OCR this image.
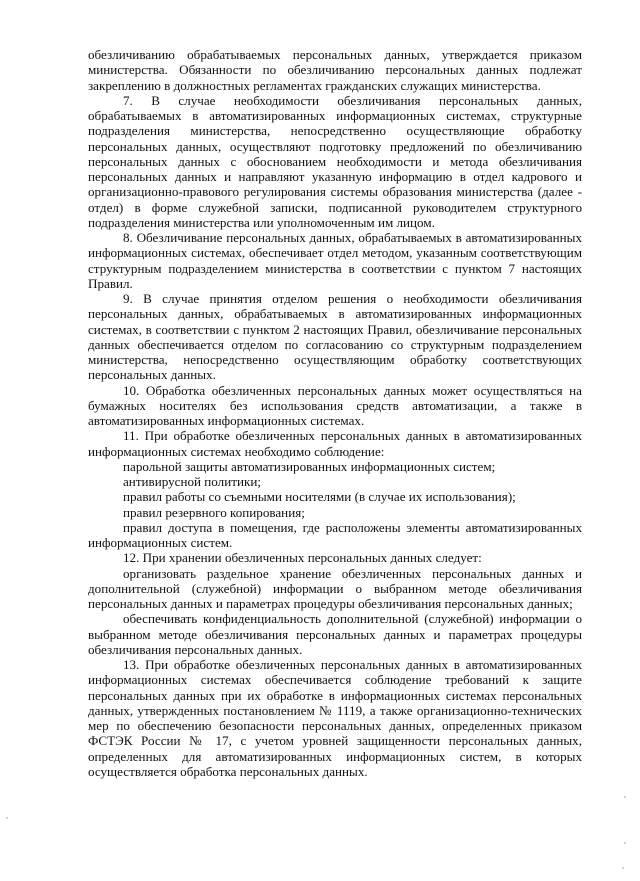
обезличиванию обрабатываемых персональных данных, утверждается приказом министерства. Обязанности по обезличиванию персональных данных подлежат закреплению в должностных регламентах гражданских служащих министерства.

7. В случае необходимости обезличивания персональных данных, обрабатываемых в автоматизированных информационных системах, структурные подразделения министерства, непосредственно осуществляющие обработку персональных данных, осуществляют подготовку предложений по обезличиванию персональных данных с обоснованием необходимости и метода обезличивания персональных данных и направляют указанную информацию в отдел кадрового и организационно-правового регулирования системы образования министерства (далее - отдел) в форме служебной записки, подписанной руководителем структурного подразделения министерства или уполномоченным им лицом.

8. Обезличивание персональных данных, обрабатываемых в автоматизированных информационных системах, обеспечивает отдел методом, указанным соответствующим структурным подразделением министерства в соответствии с пунктом 7 настоящих Правил.

9. В случае принятия отделом решения о необходимости обезличивания персональных данных, обрабатываемых в автоматизированных информационных системах, в соответствии с пунктом 2 настоящих Правил, обезличивание персональных данных обеспечивается отделом по согласованию со структурным подразделением министерства, непосредственно осуществляющим обработку соответствующих персональных данных.

10. Обработка обезличенных персональных данных может осуществляться на бумажных носителях без использования средств автоматизации, а также в автоматизированных информационных системах.

11. При обработке обезличенных персональных данных в автоматизированных информационных системах необходимо соблюдение:

парольной защиты автоматизированных информационных систем;

антивирусной политики;

правил работы со съемными носителями (в случае их использования);

правил резервного копирования;

правил доступа в помещения, где расположены элементы автоматизированных информационных систем.

12. При хранении обезличенных персональных данных следует:

организовать раздельное хранение обезличенных персональных данных и дополнительной (служебной) информации о выбранном методе обезличивания персональных данных и параметрах процедуры обезличивания персональных данных;

обеспечивать конфиденциальность дополнительной (служебной) информации о выбранном методе обезличивания персональных данных и параметрах процедуры обезличивания персональных данных.

13. При обработке обезличенных персональных данных в автоматизированных информационных системах обеспечивается соблюдение требований к защите персональных данных при их обработке в информационных системах персональных данных, утвержденных постановлением № 1119, а также организационно-технических мер по обеспечению безопасности персональных данных, определенных приказом ФСТЭК России № 17, с учетом уровней защищенности персональных данных, определенных для автоматизированных информационных систем, в которых осуществляется обработка персональных данных.
